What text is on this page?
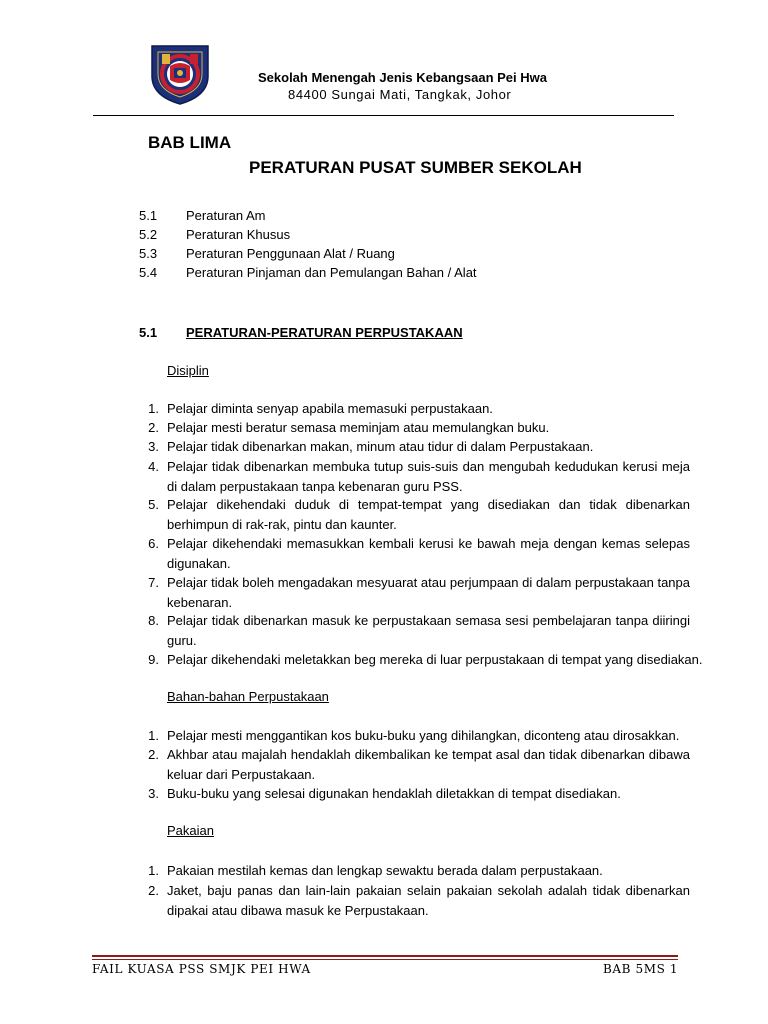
Sekolah Menengah Jenis Kebangsaan Pei Hwa
84400 Sungai Mati, Tangkak, Johor
BAB LIMA
PERATURAN PUSAT SUMBER SEKOLAH
5.1 Peraturan Am
5.2 Peraturan Khusus
5.3 Peraturan Penggunaan Alat / Ruang
5.4 Peraturan Pinjaman dan Pemulangan Bahan / Alat
5.1 PERATURAN-PERATURAN PERPUSTAKAAN
Disiplin
1. Pelajar diminta senyap apabila memasuki perpustakaan.
2. Pelajar mesti beratur semasa meminjam atau memulangkan buku.
3. Pelajar tidak dibenarkan makan, minum atau tidur di dalam Perpustakaan.
4. Pelajar tidak dibenarkan membuka tutup suis-suis dan mengubah kedudukan kerusi meja di dalam perpustakaan tanpa kebenaran guru PSS.
5. Pelajar dikehendaki duduk di tempat-tempat yang disediakan dan tidak dibenarkan berhimpun di rak-rak, pintu dan kaunter.
6. Pelajar dikehendaki memasukkan kembali kerusi ke bawah meja dengan kemas selepas digunakan.
7. Pelajar tidak boleh mengadakan mesyuarat atau perjumpaan di dalam perpustakaan tanpa kebenaran.
8. Pelajar tidak dibenarkan masuk ke perpustakaan semasa sesi pembelajaran tanpa diiringi guru.
9. Pelajar dikehendaki meletakkan beg mereka di luar perpustakaan di tempat yang disediakan.
Bahan-bahan Perpustakaan
1. Pelajar mesti menggantikan kos buku-buku yang dihilangkan, diconteng atau dirosakkan.
2. Akhbar atau majalah hendaklah dikembalikan ke tempat asal dan tidak dibenarkan dibawa keluar dari Perpustakaan.
3. Buku-buku yang selesai digunakan hendaklah diletakkan di tempat disediakan.
Pakaian
1. Pakaian mestilah kemas dan lengkap sewaktu berada dalam perpustakaan.
2. Jaket, baju panas dan lain-lain pakaian selain pakaian sekolah adalah tidak dibenarkan dipakai atau dibawa masuk ke Perpustakaan.
FAIL KUASA PSS SMJK PEI HWA	BAB 5MS 1
